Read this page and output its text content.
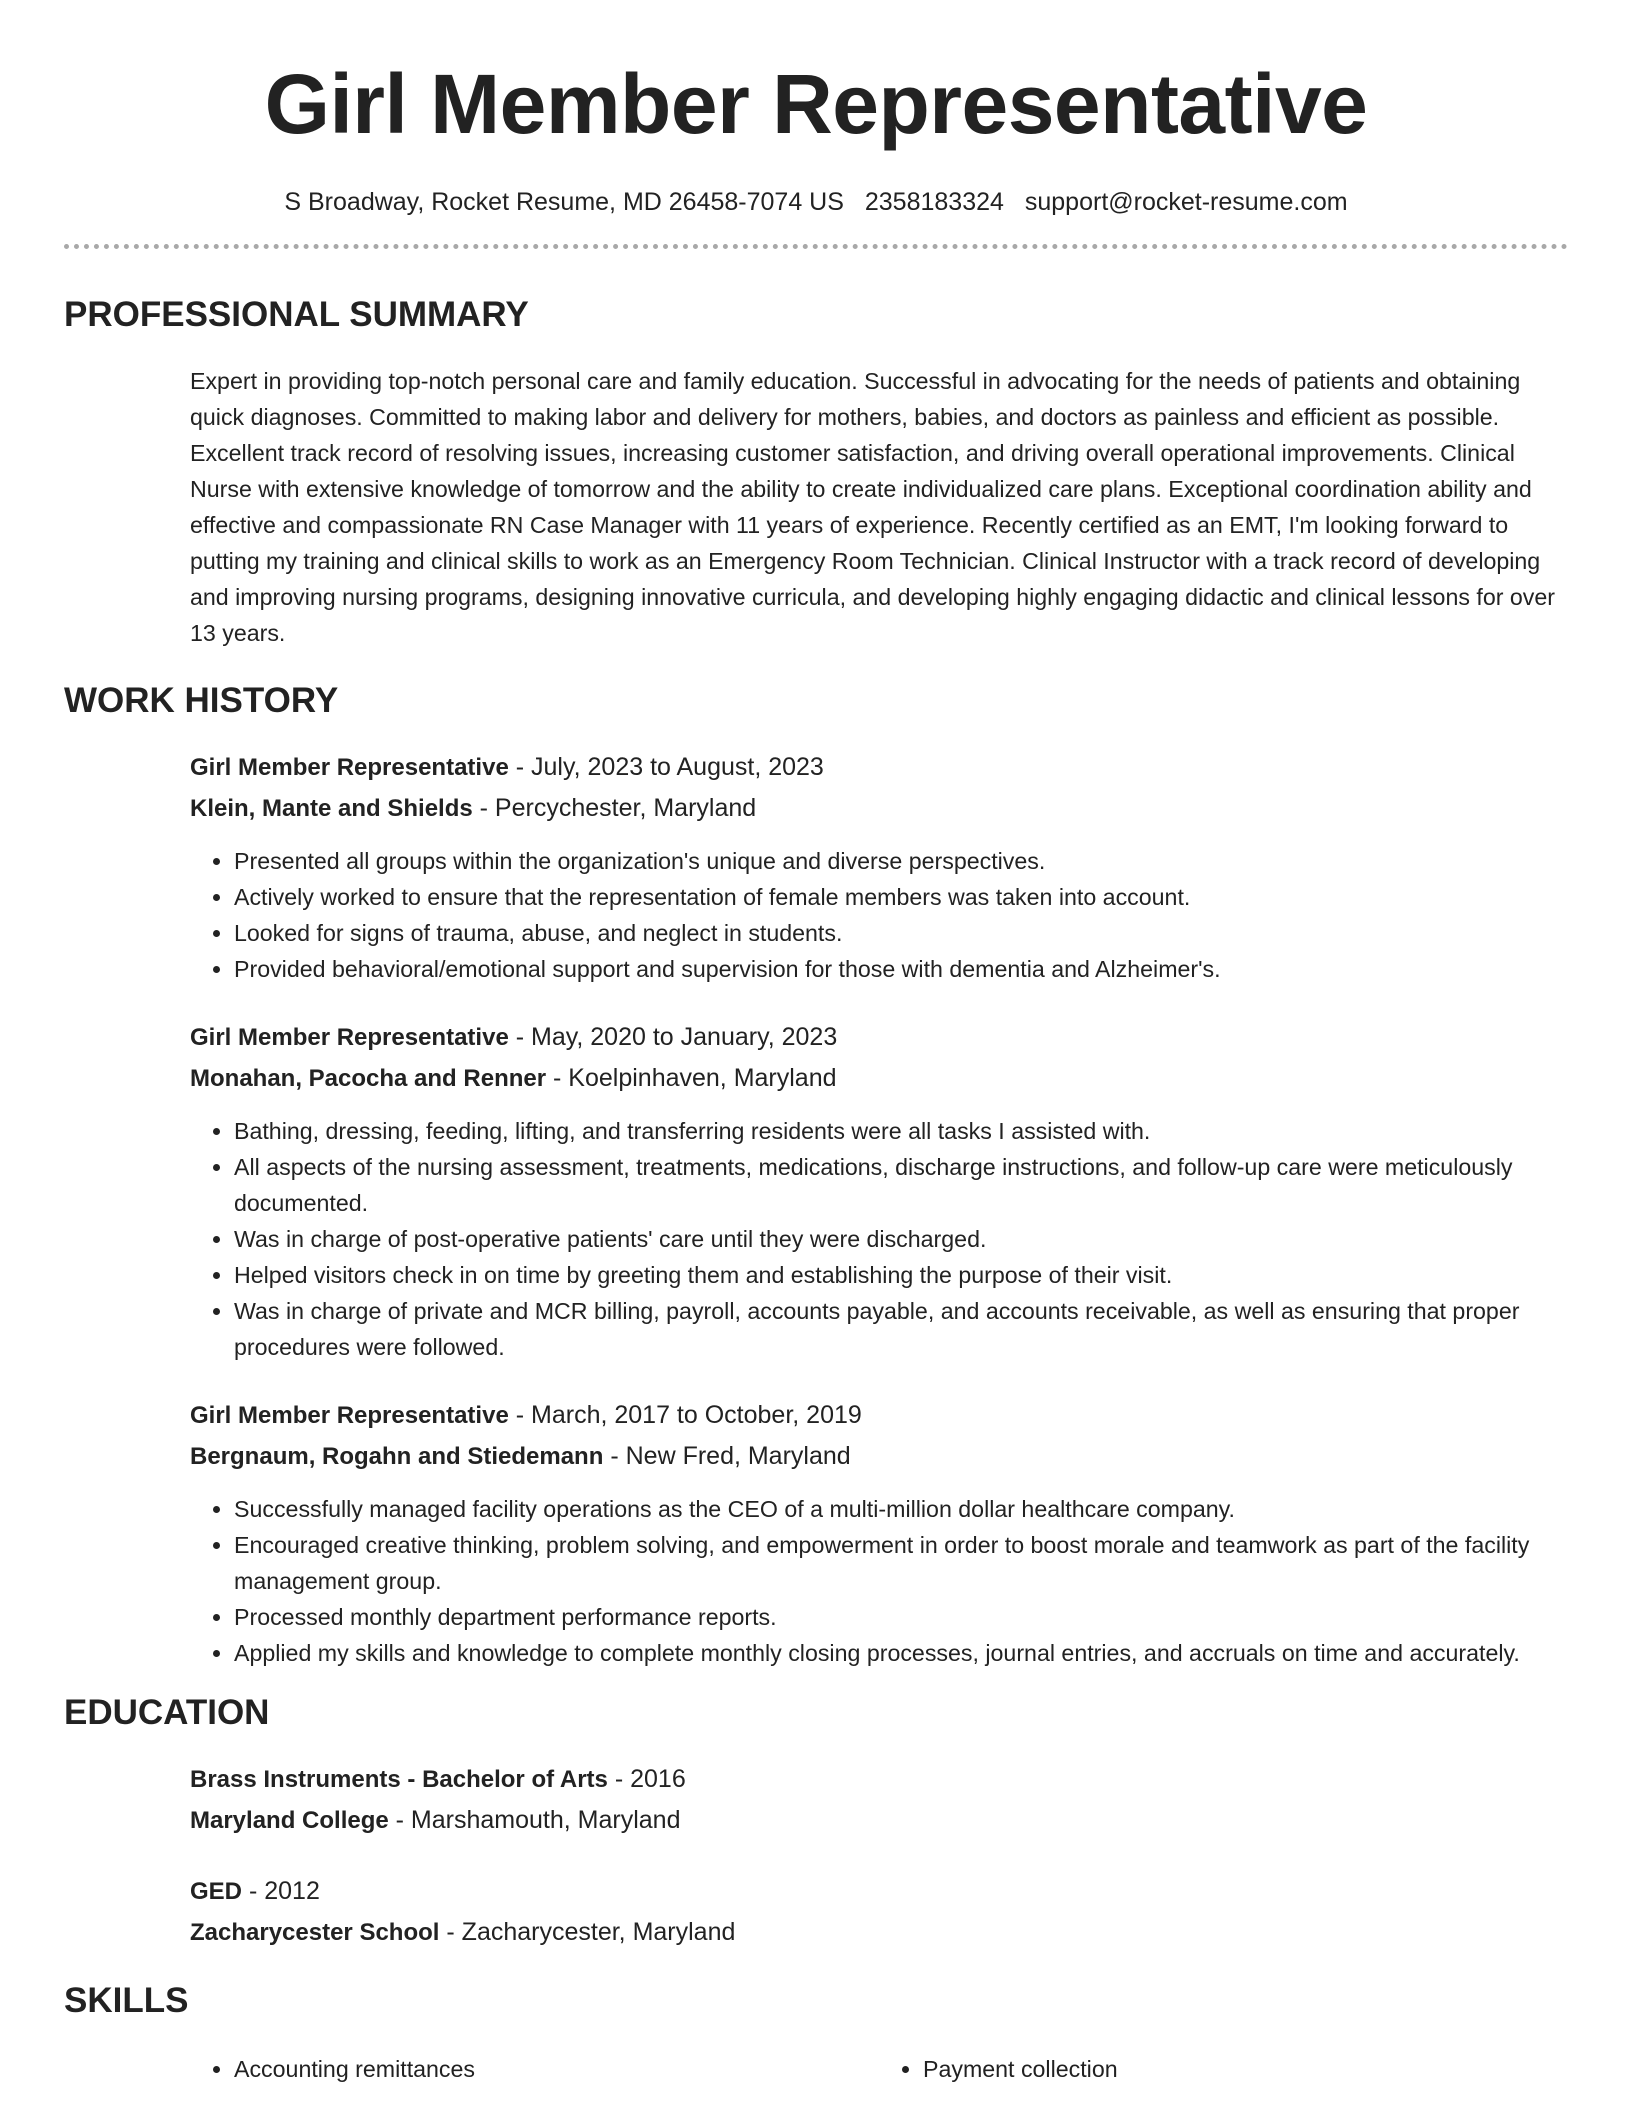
Girl Member Representative
S Broadway, Rocket Resume, MD 26458-7074 US 2358183324 support@rocket-resume.com
PROFESSIONAL SUMMARY

Expert in providing top-notch personal care and family education. Successful in advocating for the needs of patients and obtaining quick diagnoses. Committed to making labor and delivery for mothers, babies, and doctors as painless and efficient as possible. Excellent track record of resolving issues, increasing customer satisfaction, and driving overall operational improvements. Clinical Nurse with extensive knowledge of tomorrow and the ability to create individualized care plans. Exceptional coordination ability and effective and compassionate RN Case Manager with 11 years of experience. Recently certified as an EMT, I'm looking forward to putting my training and clinical skills to work as an Emergency Room Technician. Clinical Instructor with a track record of developing and improving nursing programs, designing innovative curricula, and developing highly engaging didactic and clinical lessons for over 13 years.

WORK HISTORY
Girl Member Representative - July, 2023 to August, 2023
Klein, Mante and Shields - Percychester, Maryland
• Presented all groups within the organization's unique and diverse perspectives.
• Actively worked to ensure that the representation of female members was taken into account.
• Looked for signs of trauma, abuse, and neglect in students.
• Provided behavioral/emotional support and supervision for those with dementia and Alzheimer's.
Girl Member Representative - May, 2020 to January, 2023
Monahan, Pacocha and Renner - Koelpinhaven, Maryland
• Bathing, dressing, feeding, lifting, and transferring residents were all tasks I assisted with.
• All aspects of the nursing assessment, treatments, medications, discharge instructions, and follow-up care were meticulously documented.
• Was in charge of post-operative patients' care until they were discharged.
• Helped visitors check in on time by greeting them and establishing the purpose of their visit.
• Was in charge of private and MCR billing, payroll, accounts payable, and accounts receivable, as well as ensuring that proper procedures were followed.
Girl Member Representative - March, 2017 to October, 2019
Bergnaum, Rogahn and Stiedemann - New Fred, Maryland
• Successfully managed facility operations as the CEO of a multi-million dollar healthcare company.
• Encouraged creative thinking, problem solving, and empowerment in order to boost morale and teamwork as part of the facility management group.
• Processed monthly department performance reports.
• Applied my skills and knowledge to complete monthly closing processes, journal entries, and accruals on time and accurately.
EDUCATION
Brass Instruments - Bachelor of Arts - 2016
Maryland College - Marshamouth, Maryland
GED - 2012
Zacharycester School - Zacharycester, Maryland
SKILLS
• Accounting remittances
•	Payment collection
